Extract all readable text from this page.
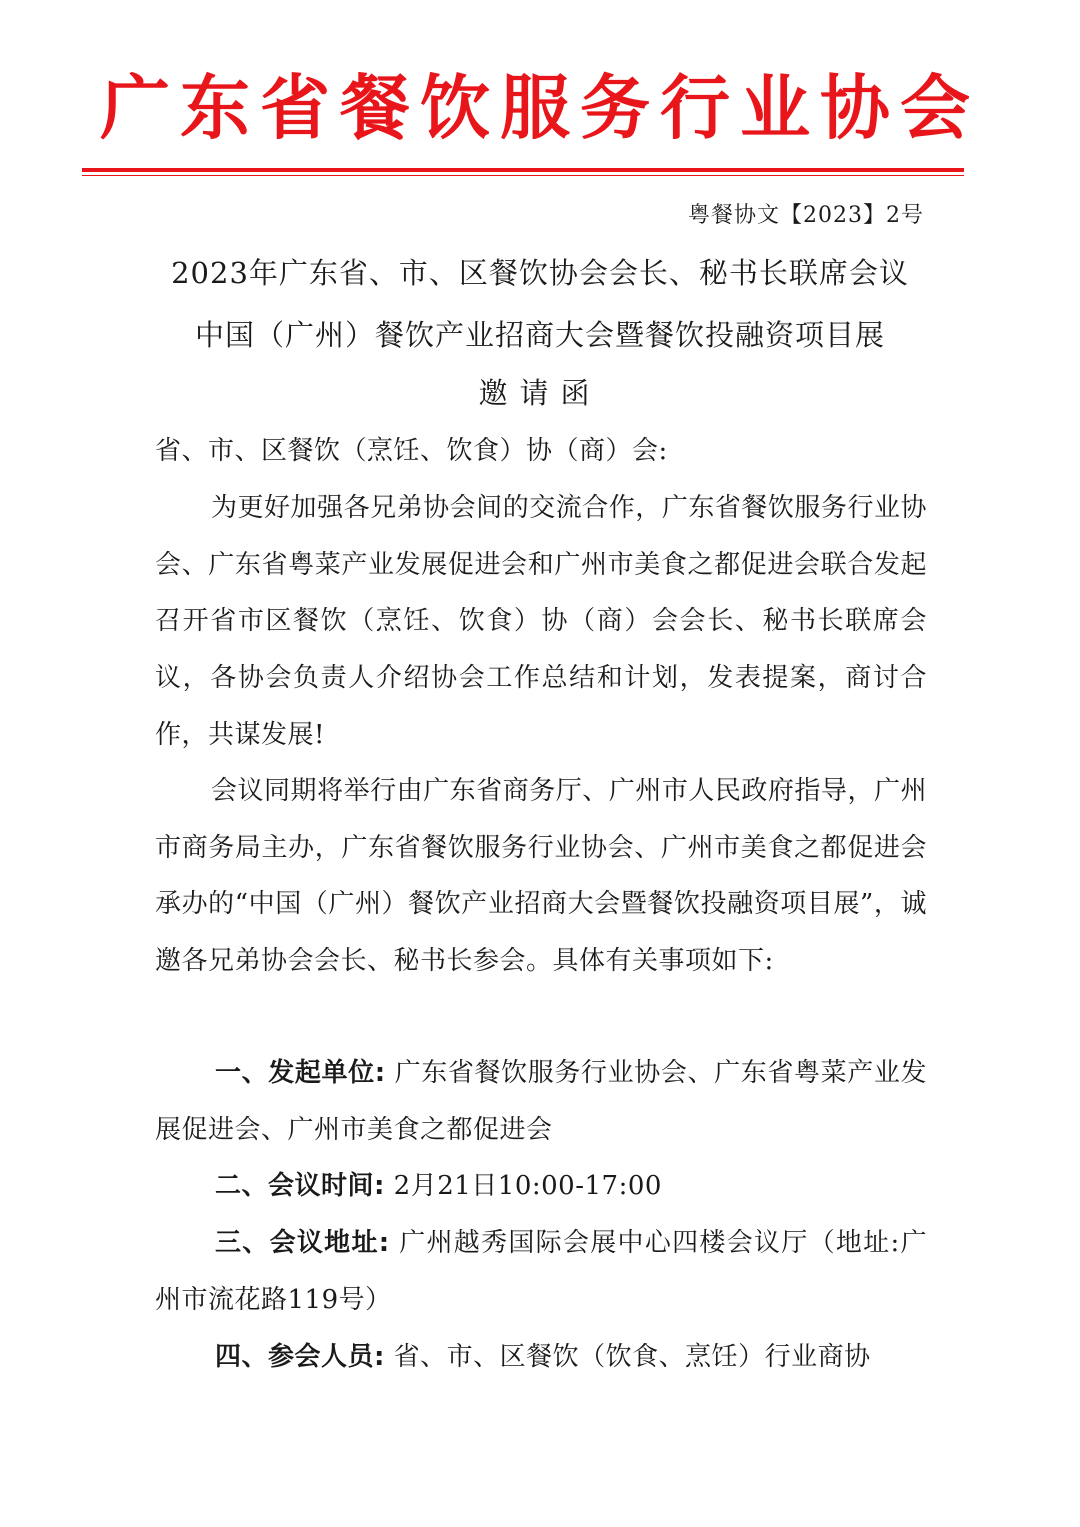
广东省餐饮服务行业协会
粤餐协文【2023】2号
2023年广东省、市、区餐饮协会会长、秘书长联席会议
中国（广州）餐饮产业招商大会暨餐饮投融资项目展
邀请函
省、市、区餐饮（烹饪、饮食）协（商）会:
为更好加强各兄弟协会间的交流合作，广东省餐饮服务行业协会、广东省粤菜产业发展促进会和广州市美食之都促进会联合发起召开省市区餐饮（烹饪、饮食）协（商）会会长、秘书长联席会议，各协会负责人介绍协会工作总结和计划，发表提案，商讨合作，共谋发展!
会议同期将举行由广东省商务厅、广州市人民政府指导，广州市商务局主办，广东省餐饮服务行业协会、广州市美食之都促进会承办的“中国（广州）餐饮产业招商大会暨餐饮投融资项目展”，诚邀各兄弟协会会长、秘书长参会。具体有关事项如下:
一、发起单位: 广东省餐饮服务行业协会、广东省粤菜产业发展促进会、广州市美食之都促进会
二、会议时间: 2月21日10:00-17:00
三、会议地址: 广州越秀国际会展中心四楼会议厅（地址:广州市流花路119号）
四、参会人员: 省、市、区餐饮（饮食、烹饪）行业商协
